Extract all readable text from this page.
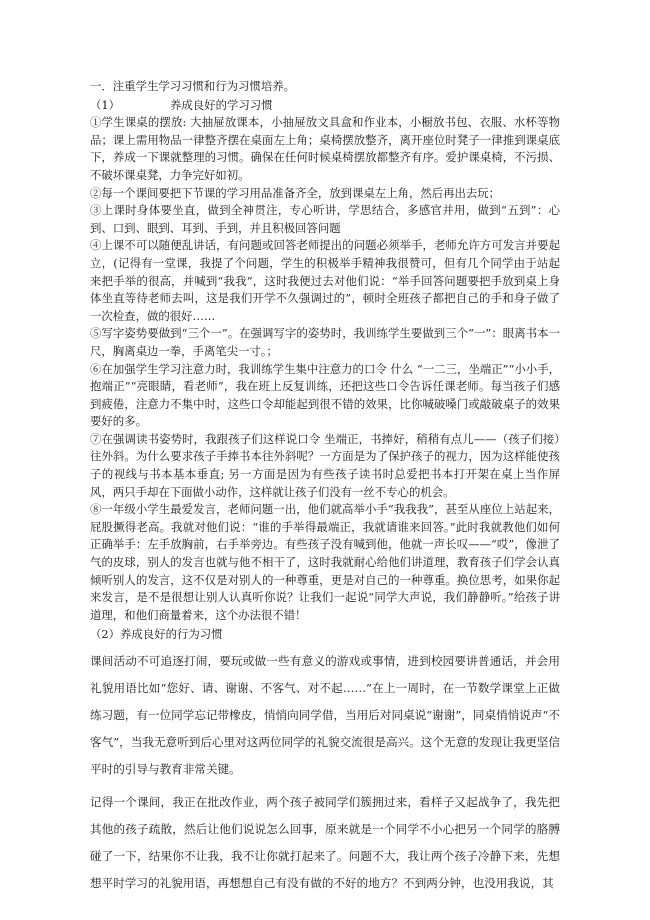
一．注重学生学习习惯和行为习惯培养。

（1）	养成良好的学习习惯

①学生课桌的摆放: 大抽屉放课本，小抽屉放文具盒和作业本，小橱放书包、衣服、水杯等物品；课上需用物品一律整齐摆在桌面左上角；桌椅摆放整齐，离开座位时凳子一律推到课桌底下，养成一下课就整理的习惯。确保在任何时候桌椅摆放都整齐有序。爱护课桌椅，不污损、不破坏课桌凳，力争完好如初。

②每一个课间要把下节课的学习用品准备齐全，放到课桌左上角，然后再出去玩；

③上课时身体要坐直，做到全神贯注，专心听讲，学思结合，多感官并用，做到“五到”：心到、口到、眼到、耳到、手到，并且积极回答问题

④上课不可以随便乱讲话，有问题或回答老师提出的问题必须举手，老师允许方可发言并要起立，(记得有一堂课，我提了个问题，学生的积极举手精神我很赞可，但有几个同学由于站起来把手举的很高，并喊到“我我”，这时我便过去对他们说：“举手回答问题要把手放到桌上身体坐直等待老师去叫，这是我们开学不久强调过的”，顿时全班孩子都把自己的手和身子做了一次检查，做的很好……

⑤写字姿势要做到“三个一”。在强调写字的姿势时，我训练学生要做到三个“一”：眼离书本一尺，胸离桌边一拳，手离笔尖一寸。；

⑥在加强学生学习注意力时，我训练学生集中注意力的口令 什么 “一二三，坐端正”“小小手，抱端正”“亮眼睛，看老师”，我在班上反复训练，还把这些口令告诉任课老师。每当孩子们感到疲倦，注意力不集中时，这些口令却能起到很不错的效果，比你喊破嗓门或敲破桌子的效果要好的多。

⑦在强调读书姿势时，我跟孩子们这样说口令 坐端正，书捧好，稍稍有点儿——（孩子们接）往外斜。为什么要求孩子手捧书本往外斜呢？一方面是为了保护孩子的视力，因为这样能使孩子的视线与书本基本垂直; 另一方面是因为有些孩子读书时总爱把书本打开架在桌上当作屏风，两只手却在下面做小动作，这样就让孩子们没有一丝不专心的机会。

⑧一年级小学生最爱发言，老师问题一出，他们就高举小手“我我我”，甚至从座位上站起来，屁股撅得老高。我就对他们说：“谁的手举得最端正，我就请谁来回答。”此时我就教他们如何正确举手：左手放胸前，右手举旁边。有些孩子没有喊到他，他就一声长叹——“哎”，像泄了气的皮球，别人的发言也就与他不相干了，这时我就耐心给他们讲道理，教育孩子们学会认真倾听别人的发言，这不仅是对别人的一种尊重，更是对自己的一种尊重。换位思考，如果你起来发言，是不是很想让别人认真听你说？让我们一起说“同学大声说，我们静静听。”给孩子讲道理，和他们商量着来，这个办法很不错！

（2）养成良好的行为习惯

课间活动不可追逐打闹，要玩或做一些有意义的游戏或事情，进到校园要讲普通话，并会用礼貌用语比如“您好、请、谢谢、不客气、对不起……”在上一周时，在一节数学课堂上正做练习题，有一位同学忘记带橡皮，悄悄向同学借，当用后对同桌说“谢谢”，同桌悄悄说声“不客气”，当我无意听到后心里对这两位同学的礼貌交流很是高兴。这个无意的发现让我更坚信平时的引导与教育非常关键。

记得一个课间，我正在批改作业，两个孩子被同学们簇拥过来，看样子又起战争了，我先把其他的孩子疏散，然后让他们说说怎么回事，原来就是一个同学不小心把另一个同学的胳膊碰了一下，结果你不让我，我不让你就打起来了。问题不大，我让两个孩子冷静下来，先想想平时学习的礼貌用语，再想想自己有没有做的不好的地方？不到两分钟，也没用我说，其
